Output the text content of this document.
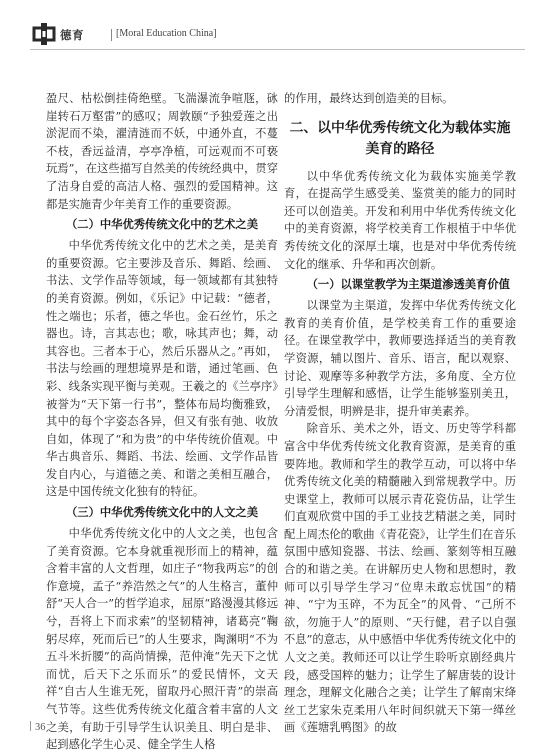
德育	[Moral Education China]

盈尺、枯松倒挂倚绝壁。飞湍瀑流争喧豗，砯崖转石万壑雷”的感叹；周敦颐“予独爱莲之出淤泥而不染，濯清涟而不妖，中通外直，不蔓不枝，香远益清，亭亭净植，可远观而不可亵玩焉”，在这些描写自然美的传统经典中，贯穿了洁身自爱的高洁人格、强烈的爱国精神。这都是实施青少年美育工作的重要资源。

（二）中华优秀传统文化中的艺术之美

中华优秀传统文化中的艺术之美，是美育的重要资源。它主要涉及音乐、舞蹈、绘画、书法、文学作品等领域，每一领域都有其独特的美育资源。例如，《乐记》中记载：“德者，性之端也；乐者，德之华也。金石丝竹，乐之器也。诗，言其志也；歌，咏其声也；舞，动其容也。三者本于心，然后乐器从之。”再如，书法与绘画的理想境界是和谐，通过笔画、色彩、线条实现平衡与美观。王羲之的《兰亭序》被誉为“天下第一行书”，整体布局均衡雅致，其中的每个字姿态各异，但又有张有弛、收放自如，体现了“和为贵”的中华传统价值观。中华古典音乐、舞蹈、书法、绘画、文学作品皆发自内心，与道德之美、和谐之美相互融合，这是中国传统文化独有的特征。

（三）中华优秀传统文化中的人文之美

中华优秀传统文化中的人文之美，也包含了美育资源。它本身就重视形而上的精神，蕴含着丰富的人文哲理，如庄子“物我两忘”的创作意境，孟子“养浩然之气”的人生格言，董仲舒“天人合一”的哲学追求，屈原“路漫漫其修远兮，吾将上下而求索”的坚韧精神，诸葛亮“鞠躬尽瘁，死而后已”的人生要求，陶渊明“不为五斗米折腰”的高尚情操，范仲淹“先天下之忧而忧，后天下之乐而乐”的爱民情怀，文天祥“自古人生谁无死，留取丹心照汗青”的崇高气节等。这些优秀传统文化蕴含着丰富的人文之美，有助于引导学生认识美且、明白是非、起到感化学生心灵、健全学生人格

的作用，最终达到创造美的目标。

二、以中华优秀传统文化为载体实施美育的路径

以中华优秀传统文化为载体实施美学教育，在提高学生感受美、鉴赏美的能力的同时还可以创造美。开发和利用中华优秀传统文化中的美育资源，将学校美育工作根植于中华优秀传统文化的深厚土壤，也是对中华优秀传统文化的继承、升华和再次创新。

（一）以课堂教学为主渠道渗透美育价值

以课堂为主渠道，发挥中华优秀传统文化教育的美育价值，是学校美育工作的重要途径。在课堂教学中，教师要选择适当的美育教学资源，辅以图片、音乐、语言，配以观察、讨论、观摩等多种教学方法，多角度、全方位引导学生理解和感悟，让学生能够鉴别美丑，分清爱恨，明辨是非，提升审美素养。

除音乐、美术之外，语文、历史等学科都富含中华优秀传统文化教育资源，是美育的重要阵地。教师和学生的教学互动，可以将中华优秀传统文化美的精髓融入到常规教学中。历史课堂上，教师可以展示青花瓷仿品，让学生们直观欣赏中国的手工业技艺精湛之美，同时配上周杰伦的歌曲《青花瓷》，让学生们在音乐氛围中感知瓷器、书法、绘画、篆刻等相互融合的和谐之美。在讲解历史人物和思想时，教师可以引导学生学习“位卑未敢忘忧国”的精神、“宁为玉碎，不为瓦全”的风骨、“己所不欲，勿施于人”的原则、“天行健，君子以自强不息”的意志，从中感悟中华优秀传统文化中的人文之美。教师还可以让学生聆听京剧经典片段，感受国粹的魅力；让学生了解唐装的设计理念，理解文化融合之美；让学生了解南宋绛丝工艺家朱克柔用八年时间织就天下第一缂丝画《莲塘乳鸭图》的故

36
